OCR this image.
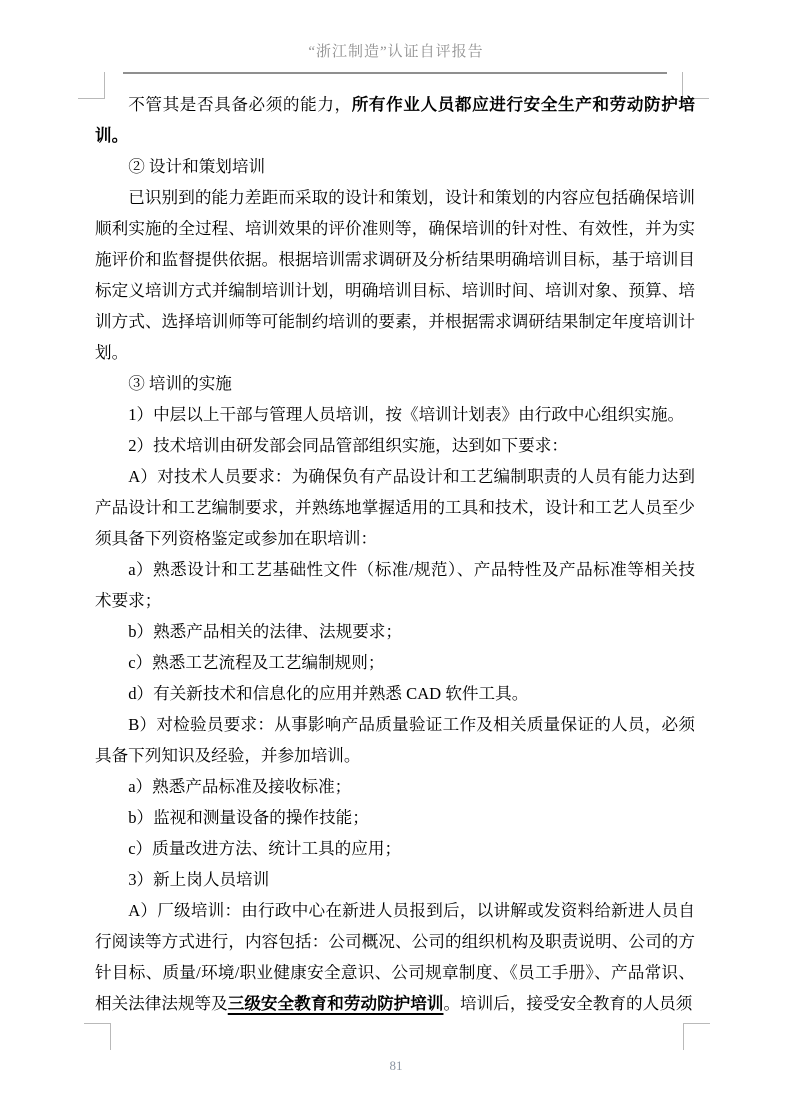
“浙江制造”认证自评报告

不管其是否具备必须的能力，所有作业人员都应进行安全生产和劳动防护培训。

② 设计和策划培训

已识别到的能力差距而采取的设计和策划，设计和策划的内容应包括确保培训顺利实施的全过程、培训效果的评价准则等，确保培训的针对性、有效性，并为实施评价和监督提供依据。根据培训需求调研及分析结果明确培训目标，基于培训目标定义培训方式并编制培训计划，明确培训目标、培训时间、培训对象、预算、培训方式、选择培训师等可能制约培训的要素，并根据需求调研结果制定年度培训计划。

③ 培训的实施

1）中层以上干部与管理人员培训，按《培训计划表》由行政中心组织实施。

2）技术培训由研发部会同品管部组织实施，达到如下要求：

A）对技术人员要求：为确保负有产品设计和工艺编制职责的人员有能力达到产品设计和工艺编制要求，并熟练地掌握适用的工具和技术，设计和工艺人员至少须具备下列资格鉴定或参加在职培训：

a）熟悉设计和工艺基础性文件（标准/规范）、产品特性及产品标准等相关技术要求；

b）熟悉产品相关的法律、法规要求；

c）熟悉工艺流程及工艺编制规则；

d）有关新技术和信息化的应用并熟悉 CAD 软件工具。

B）对检验员要求：从事影响产品质量验证工作及相关质量保证的人员，必须具备下列知识及经验，并参加培训。

a）熟悉产品标准及接收标准；

b）监视和测量设备的操作技能；

c）质量改进方法、统计工具的应用；

3）新上岗人员培训

A）厂级培训：由行政中心在新进人员报到后，以讲解或发资料给新进人员自行阅读等方式进行，内容包括：公司概况、公司的组织机构及职责说明、公司的方针目标、质量/环境/职业健康安全意识、公司规章制度、《员工手册》、产品常识、相关法律法规等及三级安全教育和劳动防护培训。培训后，接受安全教育的人员须

81
